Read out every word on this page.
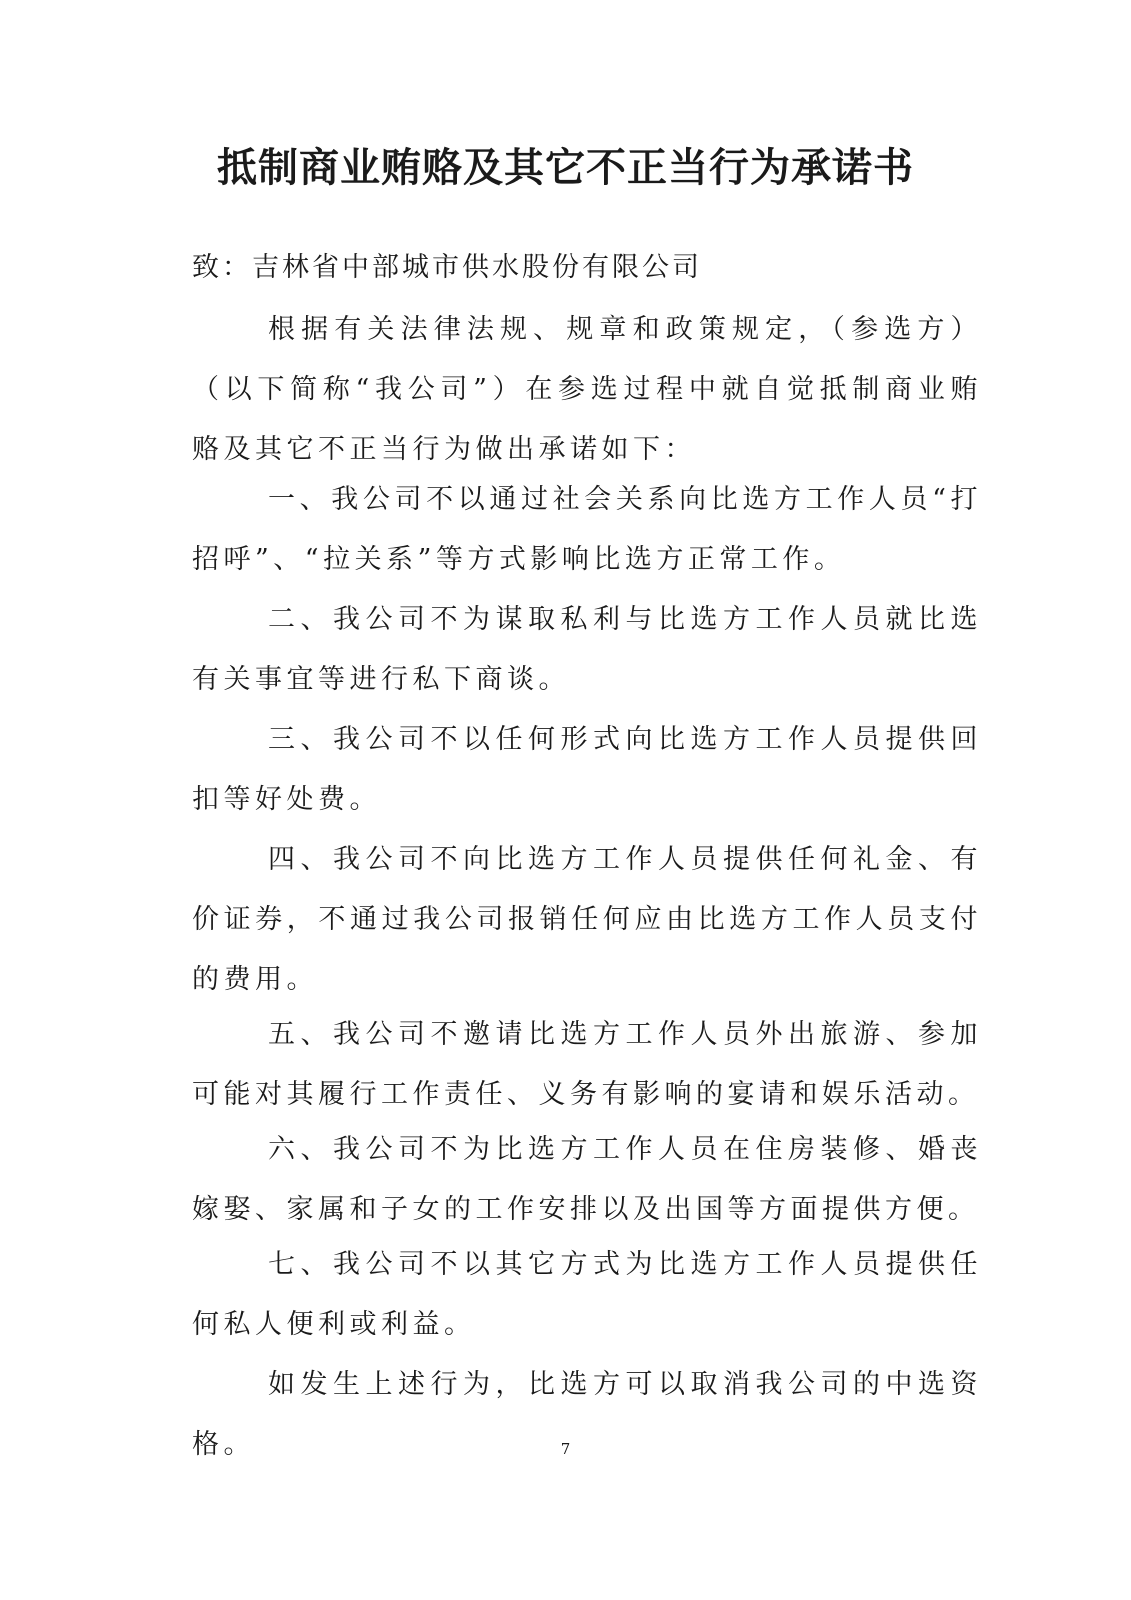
抵制商业贿赂及其它不正当行为承诺书

致：吉林省中部城市供水股份有限公司

根据有关法律法规、规章和政策规定，（参选方）（以下简称“我公司”）在参选过程中就自觉抵制商业贿赂及其它不正当行为做出承诺如下：

一、我公司不以通过社会关系向比选方工作人员“打招呼”、“拉关系”等方式影响比选方正常工作。

二、我公司不为谋取私利与比选方工作人员就比选有关事宜等进行私下商谈。

三、我公司不以任何形式向比选方工作人员提供回扣等好处费。

四、我公司不向比选方工作人员提供任何礼金、有价证券，不通过我公司报销任何应由比选方工作人员支付的费用。

五、我公司不邀请比选方工作人员外出旅游、参加可能对其履行工作责任、义务有影响的宴请和娱乐活动。

六、我公司不为比选方工作人员在住房装修、婚丧嫁娶、家属和子女的工作安排以及出国等方面提供方便。

七、我公司不以其它方式为比选方工作人员提供任何私人便利或利益。

如发生上述行为，比选方可以取消我公司的中选资格。	7
